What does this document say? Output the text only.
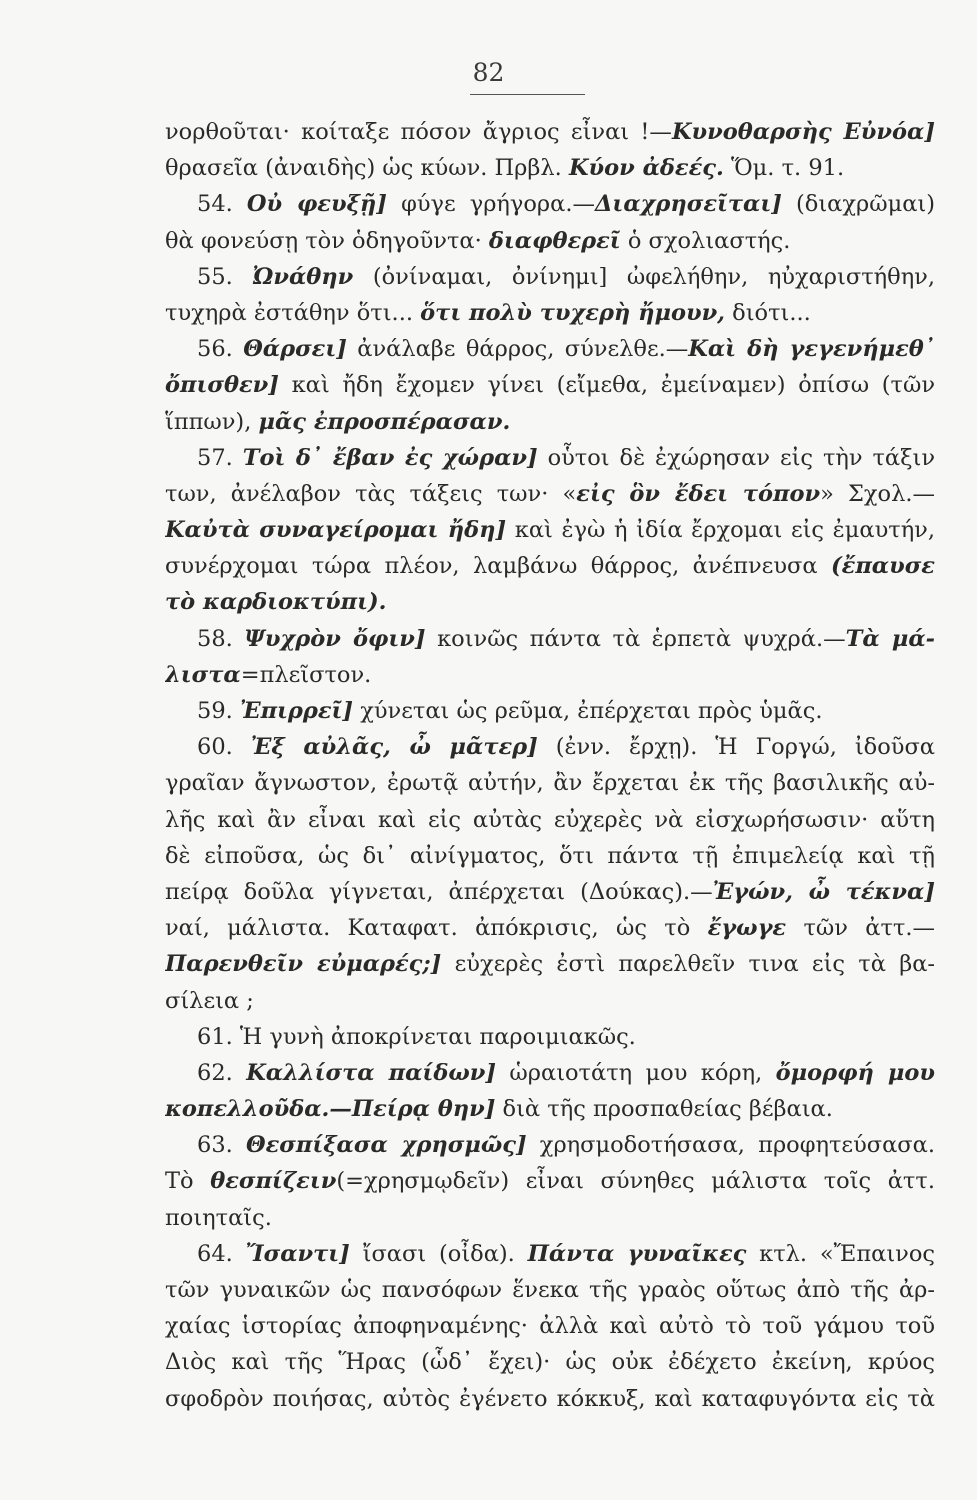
82
νορθοῦται· κοίταξε πόσον ἄγριος εἶναι !—Κυνοθαρσὴς Εὐνόα]
θρασεῖα (ἀναιδὴς) ὡς κύων. Πρβλ. Κύον ἀδεές. Ὅμ. τ. 91.
54. Οὐ φευξῇ] φύγε γρήγορα.—Διαχρησεῖται] (διαχρῶμαι)
θὰ φονεύσῃ τὸν ὁδηγοῦντα· διαφθερεῖ ὁ σχολιαστής.
55. Ὠνάθην (ὀνίναμαι, ὀνίνημι] ὠφελήθην, ηὐχαριστήθην,
τυχηρὰ ἐστάθην ὅτι... ὅτι πολὺ τυχερὴ ἤμουν, διότι...
56. Θάρσει] ἀνάλαβε θάρρος, σύνελθε.—Καὶ δὴ γεγενήμεθ᾽
ὄπισθεν] καὶ ἤδη ἔχομεν γίνει (εἴμεθα, ἐμείναμεν) ὀπίσω (τῶν
ἵππων), μᾶς ἐπροσπέρασαν.
57. Τοὶ δ᾽ ἔβαν ἐς χώραν] οὗτοι δὲ ἐχώρησαν εἰς τὴν τάξιν
των, ἀνέλαβον τὰς τάξεις των· «εἰς ὃν ἔδει τόπον» Σχολ.—
Καὐτὰ συναγείρομαι ἤδη] καὶ ἐγὼ ἡ ἰδία ἔρχομαι εἰς ἐμαυτήν,
συνέρχομαι τώρα πλέον, λαμβάνω θάρρος, ἀνέπνευσα (ἔπαυσε
τὸ καρδιοκτύπι).
58. Ψυχρὸν ὄφιν] κοινῶς πάντα τὰ ἑρπετὰ ψυχρά.—Τὰ μά-
λιστα=πλεῖστον.
59. Ἐπιρρεῖ] χύνεται ὡς ρεῦμα, ἐπέρχεται πρὸς ὑμᾶς.
60. Ἐξ αὐλᾶς, ὦ μᾶτερ] (ἐνν. ἔρχῃ). Ἡ Γοργώ, ἰδοῦσα
γραῖαν ἄγνωστον, ἐρωτᾷ αὐτήν, ἂν ἔρχεται ἐκ τῆς βασιλικῆς αὐ-
λῆς καὶ ἂν εἶναι καὶ εἰς αὐτὰς εὐχερὲς νὰ εἰσχωρήσωσιν· αὕτη
δὲ εἰποῦσα, ὡς δι᾽ αἰνίγματος, ὅτι πάντα τῇ ἐπιμελείᾳ καὶ τῇ
πείρᾳ δοῦλα γίγνεται, ἀπέρχεται (Δούκας).—Ἐγών, ὦ τέκνα]
ναί, μάλιστα. Καταφατ. ἀπόκρισις, ὡς τὸ ἔγωγε τῶν ἀττ.—
Παρενθεῖν εὐμαρές;] εὐχερὲς ἐστὶ παρελθεῖν τινα εἰς τὰ βα-
σίλεια ;
61. Ἡ γυνὴ ἀποκρίνεται παροιμιακῶς.
62. Καλλίστα παίδων] ὡραιοτάτη μου κόρη, ὄμορφή μου
κοπελλοῦδα.—Πείρᾳ θην] διὰ τῆς προσπαθείας βέβαια.
63. Θεσπίξασα χρησμῶς] χρησμοδοτήσασα, προφητεύσασα.
Τὸ θεσπίζειν(=χρησμῳδεῖν) εἶναι σύνηθες μάλιστα τοῖς ἀττ.
ποιηταῖς.
64. Ἴσαντι] ἴσασι (οἶδα). Πάντα γυναῖκες κτλ. «Ἔπαινος
τῶν γυναικῶν ὡς πανσόφων ἕνεκα τῆς γραὸς οὕτως ἀπὸ τῆς ἀρ-
χαίας ἱστορίας ἀποφηναμένης· ἀλλὰ καὶ αὐτὸ τὸ τοῦ γάμου τοῦ
Διὸς καὶ τῆς Ἥρας (ὧδ᾽ ἔχει)· ὡς οὐκ ἐδέχετο ἐκείνη, κρύος
σφοδρὸν ποιήσας, αὐτὸς ἐγένετο κόκκυξ, καὶ καταφυγόντα εἰς τὰ
